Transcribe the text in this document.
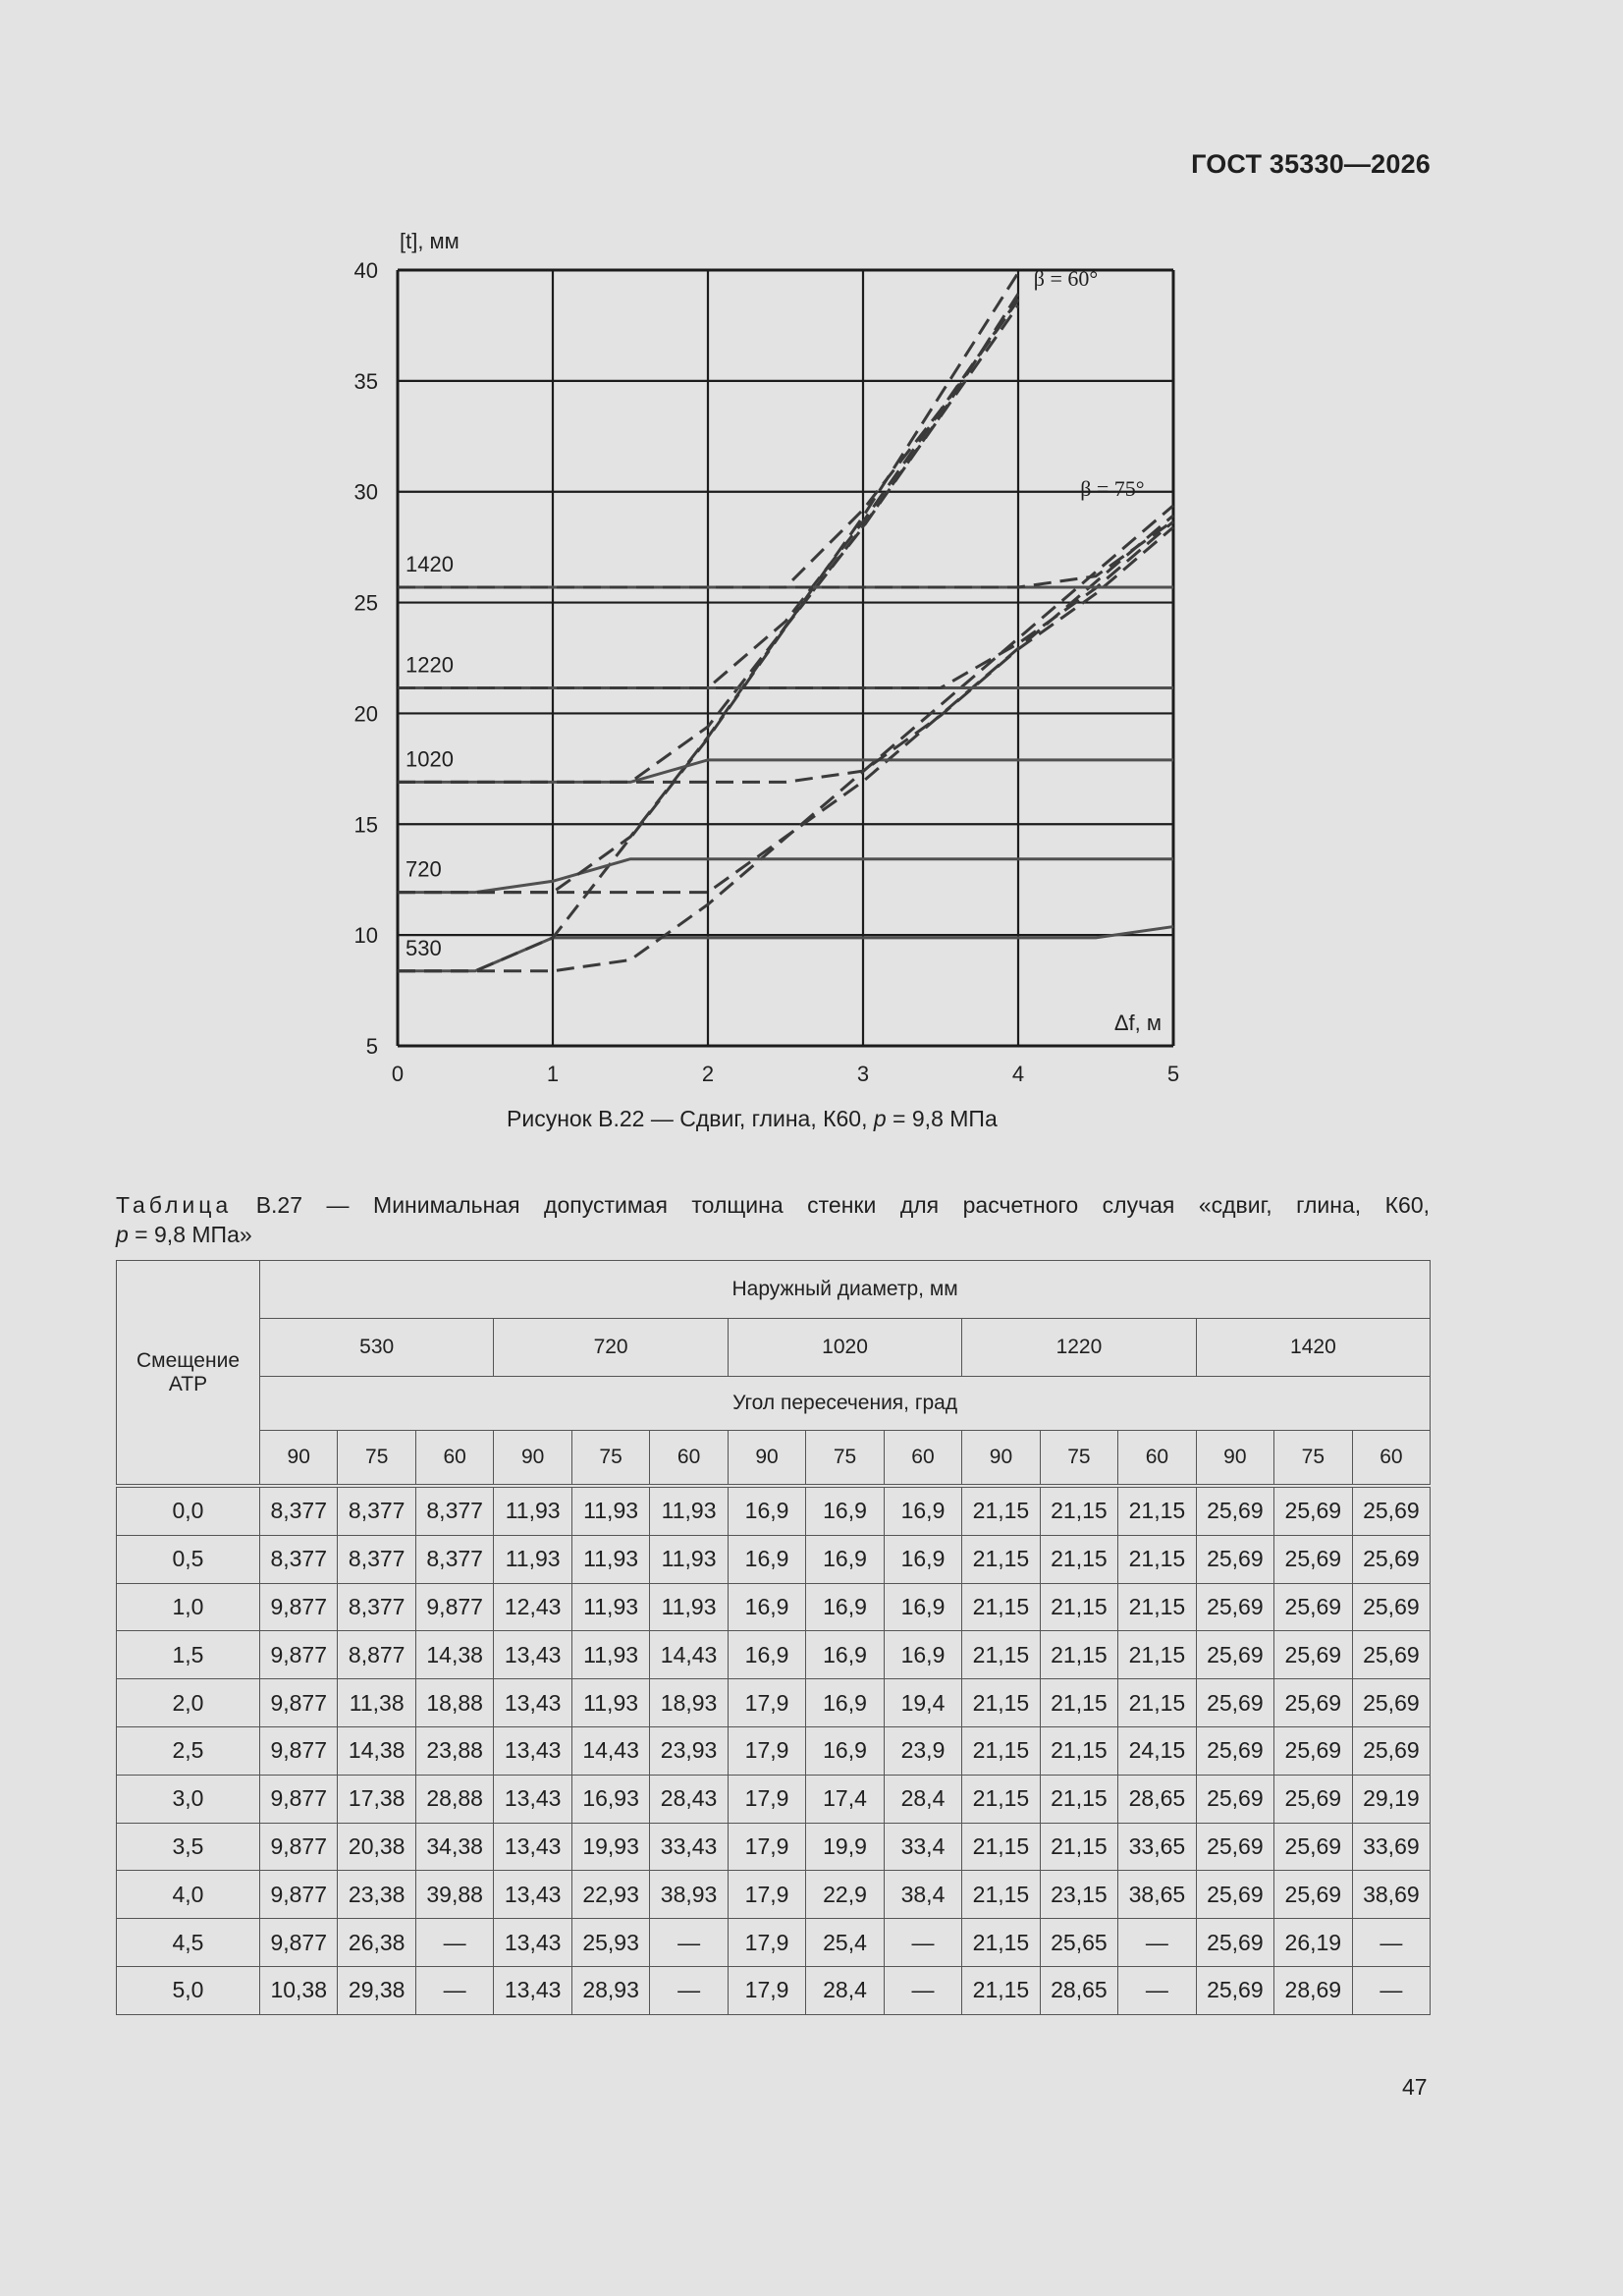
ГОСТ 35330—2026
0	1	2	3	4	5
5
10
15
20
25
30
35
40
530
720
1020
1220
1420
[t], мм
Δf, м
β = 60°
β = 75°
Рисунок В.22 — Сдвиг, глина, К60, p = 9,8 МПа
Таблица В.27 — Минимальная допустимая толщина стенки для расчетного случая «сдвиг, глина, К60,
p = 9,8 МПа»
Смещение АТР	Наружный диаметр, мм														
	530			720			1020			1220			1420		
	Угол пересечения, град														
	90	75	60	90	75	60	90	75	60	90	75	60	90	75	60
0,0	8,377	8,377	8,377	11,93	11,93	11,93	16,9	16,9	16,9	21,15	21,15	21,15	25,69	25,69	25,69
0,5	8,377	8,377	8,377	11,93	11,93	11,93	16,9	16,9	16,9	21,15	21,15	21,15	25,69	25,69	25,69
1,0	9,877	8,377	9,877	12,43	11,93	11,93	16,9	16,9	16,9	21,15	21,15	21,15	25,69	25,69	25,69
1,5	9,877	8,877	14,38	13,43	11,93	14,43	16,9	16,9	16,9	21,15	21,15	21,15	25,69	25,69	25,69
2,0	9,877	11,38	18,88	13,43	11,93	18,93	17,9	16,9	19,4	21,15	21,15	21,15	25,69	25,69	25,69
2,5	9,877	14,38	23,88	13,43	14,43	23,93	17,9	16,9	23,9	21,15	21,15	24,15	25,69	25,69	25,69
3,0	9,877	17,38	28,88	13,43	16,93	28,43	17,9	17,4	28,4	21,15	21,15	28,65	25,69	25,69	29,19
3,5	9,877	20,38	34,38	13,43	19,93	33,43	17,9	19,9	33,4	21,15	21,15	33,65	25,69	25,69	33,69
4,0	9,877	23,38	39,88	13,43	22,93	38,93	17,9	22,9	38,4	21,15	23,15	38,65	25,69	25,69	38,69
4,5	9,877	26,38	—	13,43	25,93	—	17,9	25,4	—	21,15	25,65	—	25,69	26,19	—
5,0	10,38	29,38	—	13,43	28,93	—	17,9	28,4	—	21,15	28,65	—	25,69	28,69	—
47
